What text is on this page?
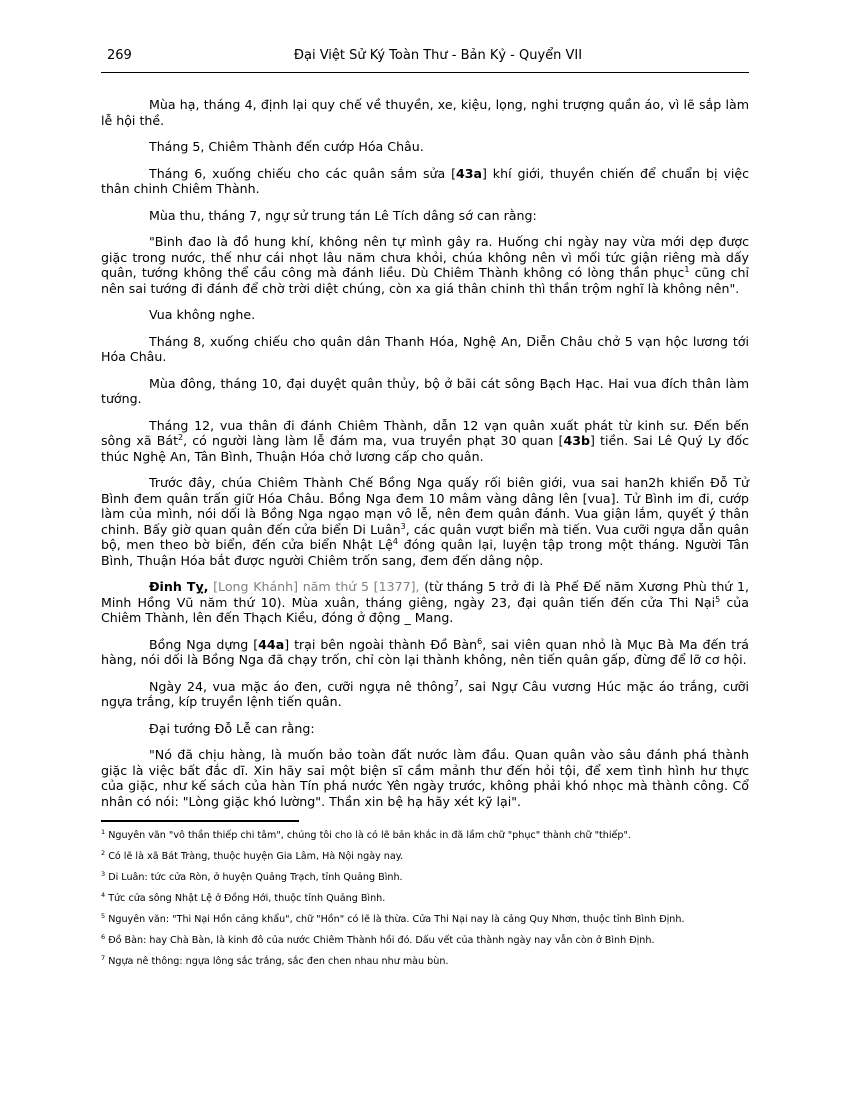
269	Đại Việt Sử Ký Toàn Thư - Bản Kỷ - Quyển VII

Mùa hạ, tháng 4, định lại quy chế về thuyền, xe, kiệu, lọng, nghi trượng quần áo, vì lẽ sắp làm lễ hội thề.

Tháng 5, Chiêm Thành đến cướp Hóa Châu.

Tháng 6, xuống chiếu cho các quân sắm sửa [43a] khí giới, thuyền chiến để chuẩn bị việc thân chinh Chiêm Thành.

Mùa thu, tháng 7, ngự sử trung tán Lê Tích dâng sớ can rằng:

"Binh đao là đồ hung khí, không nên tự mình gây ra. Huống chi ngày nay vừa mới dẹp được giặc trong nước, thế như cái nhọt lâu năm chưa khỏi, chúa không nên vì mối tức giận riêng mà dấy quân, tướng không thể cầu công mà đánh liều. Dù Chiêm Thành không có lòng thần phục$^1$ cũng chỉ nên sai tướng đi đánh để chờ trời diệt chúng, còn xa giá thân chinh thì thần trộm nghĩ là không nên".

Vua không nghe.

Tháng 8, xuống chiếu cho quân dân Thanh Hóa, Nghệ An, Diễn Châu chở 5 vạn hộc lương tới Hóa Châu.

Mùa đông, tháng 10, đại duyệt quân thủy, bộ ở bãi cát sông Bạch Hạc. Hai vua đích thân làm tướng.

Tháng 12, vua thân đi đánh Chiêm Thành, dẫn 12 vạn quân xuất phát từ kinh sư. Đến bến sông xã Bát$^2$, có người làng làm lễ đám ma, vua truyền phạt 30 quan [43b] tiền. Sai Lê Quý Ly đốc thúc Nghệ An, Tân Bình, Thuận Hóa chở lương cấp cho quân.

Trước đây, chúa Chiêm Thành Chế Bồng Nga quấy rối biên giới, vua sai han2h khiển Đỗ Tử Bình đem quân trấn giữ Hóa Châu. Bồng Nga đem 10 mâm vàng dâng lên [vua]. Tử Bình im đi, cướp làm của mình, nói dối là Bồng Nga ngạo mạn vô lễ, nên đem quân đánh. Vua giận lắm, quyết ý thân chinh. Bấy giờ quan quân đến cửa biển Di Luân$^3$, các quân vượt biển mà tiến. Vua cưỡi ngựa dẫn quân bộ, men theo bờ biển, đến cửa biển Nhật Lệ$^4$ đóng quân lại, luyện tập trong một tháng. Người Tân Bình, Thuận Hóa bắt được người Chiêm trốn sang, đem đến dâng nộp.

Đinh Tỵ, [Long Khánh] năm thứ 5 [1377], (từ tháng 5 trở đi là Phế Đế năm Xương Phù thứ 1, Minh Hồng Vũ năm thứ 10). Mùa xuân, tháng giêng, ngày 23, đại quân tiến đến cửa Thi Nại$^5$ của Chiêm Thành, lên đến Thạch Kiều, đóng ở động _ Mang.

Bồng Nga dựng [44a] trại bên ngoài thành Đồ Bàn$^6$, sai viên quan nhỏ là Mục Bà Ma đến trá hàng, nói dối là Bồng Nga đã chạy trốn, chỉ còn lại thành không, nên tiến quân gấp, đừng để lỡ cơ hội.

Ngày 24, vua mặc áo đen, cưỡi ngựa nê thông$^7$, sai Ngự Câu vương Húc mặc áo trắng, cưỡi ngựa trắng, kíp truyền lệnh tiến quân.

Đại tướng Đỗ Lễ can rằng:

"Nó đã chịu hàng, là muốn bảo toàn đất nước làm đầu. Quan quân vào sâu đánh phá thành giặc là việc bất đắc dĩ. Xin hãy sai một biện sĩ cầm mảnh thư đến hỏi tội, để xem tình hình hư thực của giặc, như kế sách của hàn Tín phá nước Yên ngày trước, không phải khó nhọc mà thành công. Cổ nhân có nói: "Lòng giặc khó lường". Thần xin bệ hạ hãy xét kỹ lại".

$^1$ Nguyên văn "vô thần thiếp chi tâm", chúng tôi cho là có lẽ bản khắc in đã lầm chữ "phục" thành chữ "thiếp".
$^2$ Có lẽ là xã Bát Tràng, thuộc huyện Gia Lâm, Hà Nội ngày nay.
$^3$ Di Luân: tức cửa Ròn, ở huyện Quảng Trạch, tỉnh Quảng Bình.
$^4$ Tức cửa sông Nhật Lệ ở Đồng Hới, thuộc tỉnh Quảng Bình.
$^5$ Nguyên văn: "Thi Nại Hồn cảng khẩu", chữ "Hồn" có lẽ là thừa. Cửa Thi Nại nay là cảng Quy Nhơn, thuộc tỉnh Bình Định.
$^6$ Đồ Bàn: hay Chà Bàn, là kinh đô của nước Chiêm Thành hồi đó. Dấu vết của thành ngày nay vẫn còn ở Bình Định.
$^7$ Ngựa nê thông: ngựa lông sắc trắng, sắc đen chen nhau như màu bùn.
